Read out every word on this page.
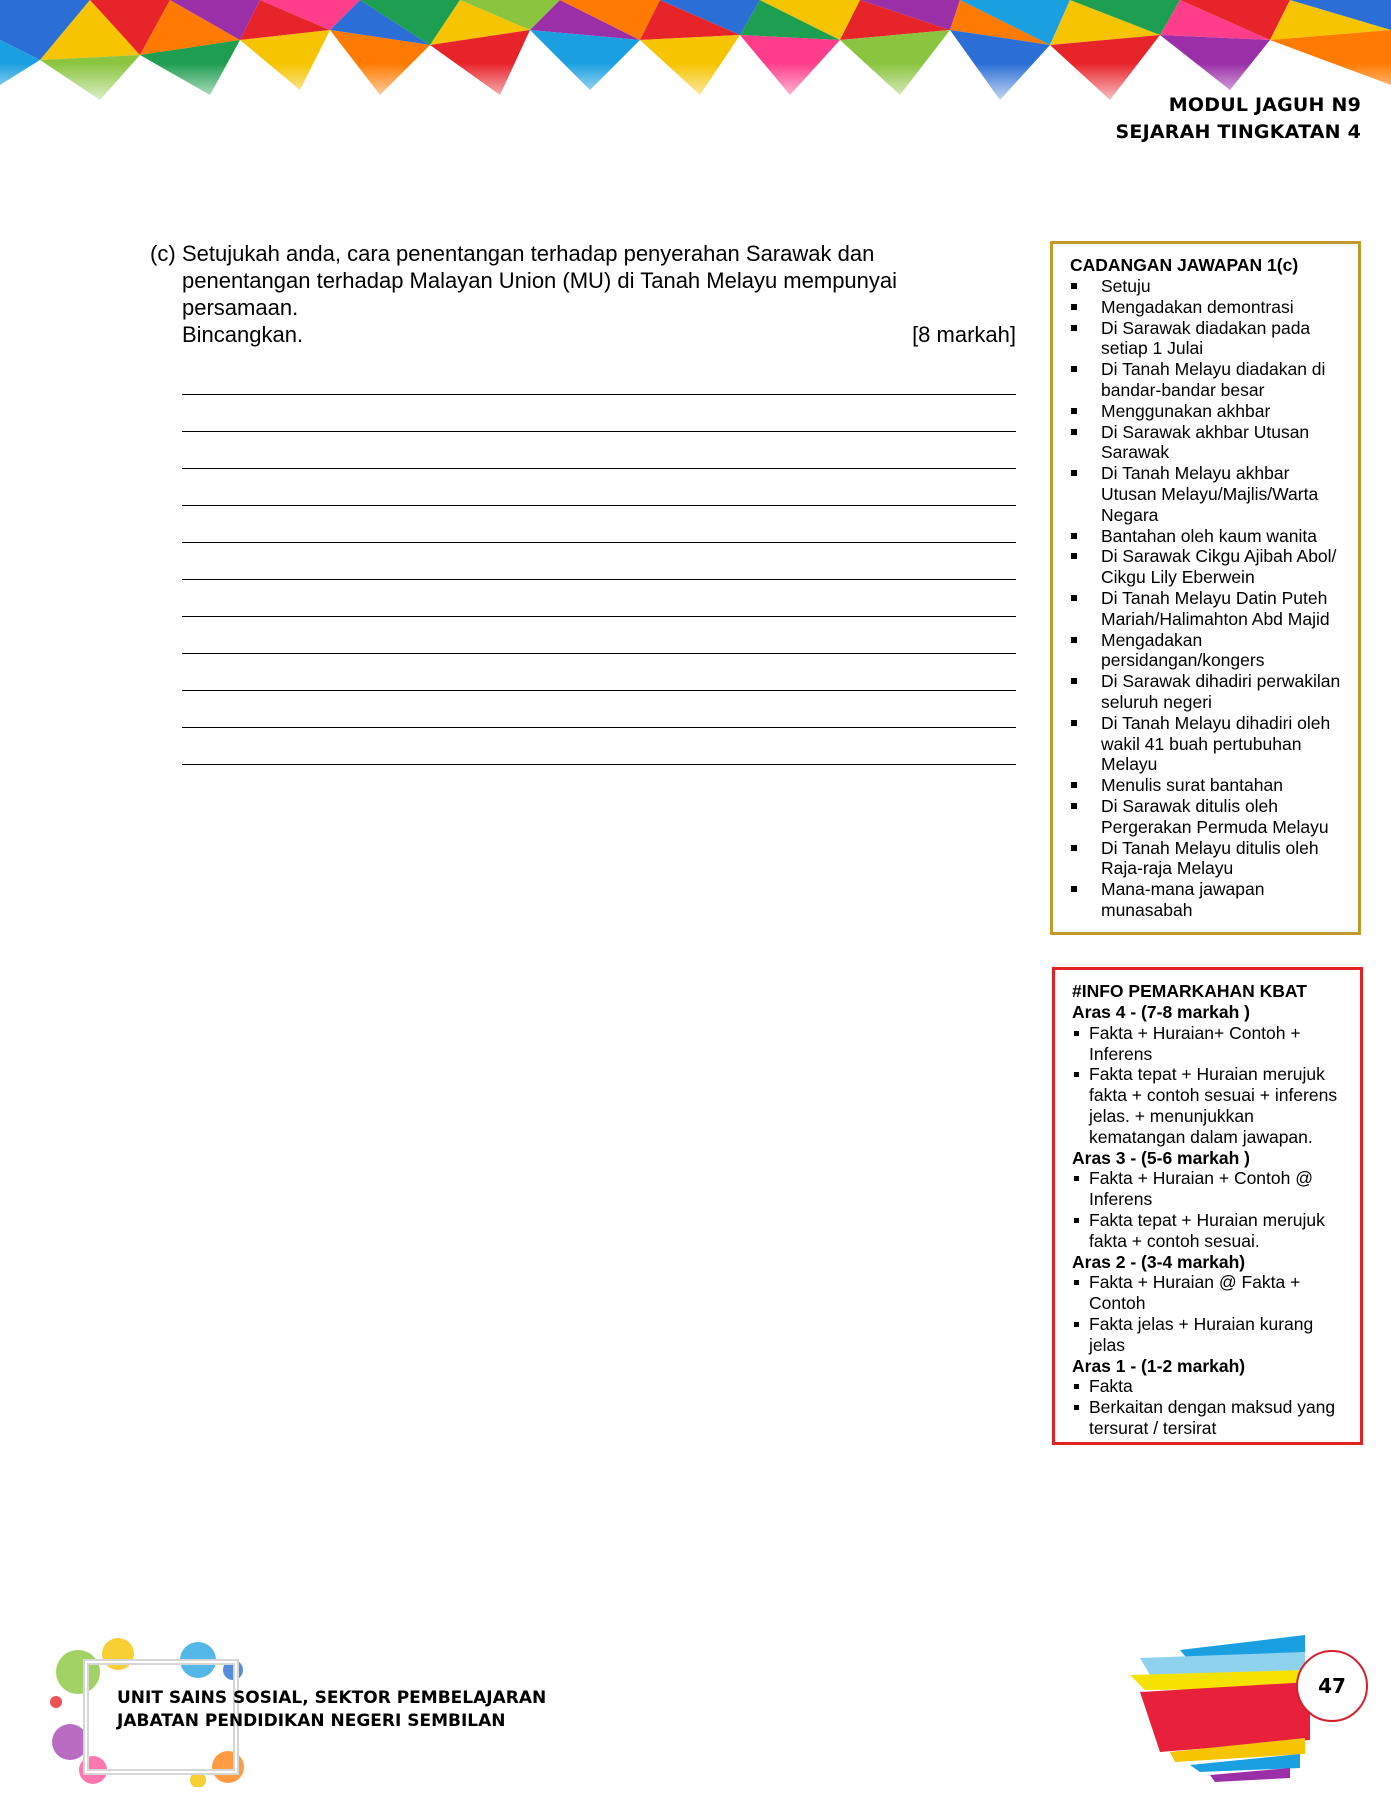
MODUL JAGUH N9
SEJARAH TINGKATAN 4
(c) Setujukah anda, cara penentangan terhadap penyerahan Sarawak dan
penentangan terhadap Malayan Union (MU) di Tanah Melayu mempunyai
persamaan.
Bincangkan.	[8 markah]
CADANGAN JAWAPAN 1(c)
Setuju
Mengadakan demontrasi
Di Sarawak diadakan pada setiap 1 Julai
Di Tanah Melayu diadakan di bandar-bandar besar
Menggunakan akhbar
Di Sarawak akhbar Utusan Sarawak
Di Tanah Melayu akhbar Utusan Melayu/Majlis/Warta Negara
Bantahan oleh kaum wanita
Di Sarawak Cikgu Ajibah Abol/ Cikgu Lily Eberwein
Di Tanah Melayu Datin Puteh Mariah/Halimahton Abd Majid
Mengadakan persidangan/kongers
Di Sarawak dihadiri perwakilan seluruh negeri
Di Tanah Melayu dihadiri oleh wakil 41 buah pertubuhan Melayu
Menulis surat bantahan
Di Sarawak ditulis oleh Pergerakan Permuda Melayu
Di Tanah Melayu ditulis oleh Raja-raja Melayu
Mana-mana jawapan munasabah
#INFO PEMARKAHAN KBAT
Aras 4 - (7-8 markah )
Fakta + Huraian+ Contoh + Inferens
Fakta tepat + Huraian merujuk fakta + contoh sesuai + inferens jelas. + menunjukkan kematangan dalam jawapan.
Aras 3 - (5-6 markah )
Fakta + Huraian + Contoh @ Inferens
Fakta tepat + Huraian merujuk fakta + contoh sesuai.
Aras 2 - (3-4 markah)
Fakta + Huraian @ Fakta + Contoh
Fakta jelas + Huraian kurang jelas
Aras 1 - (1-2 markah)
Fakta
Berkaitan dengan maksud yang tersurat / tersirat
UNIT SAINS SOSIAL, SEKTOR PEMBELAJARAN
JABATAN PENDIDIKAN NEGERI SEMBILAN
47
